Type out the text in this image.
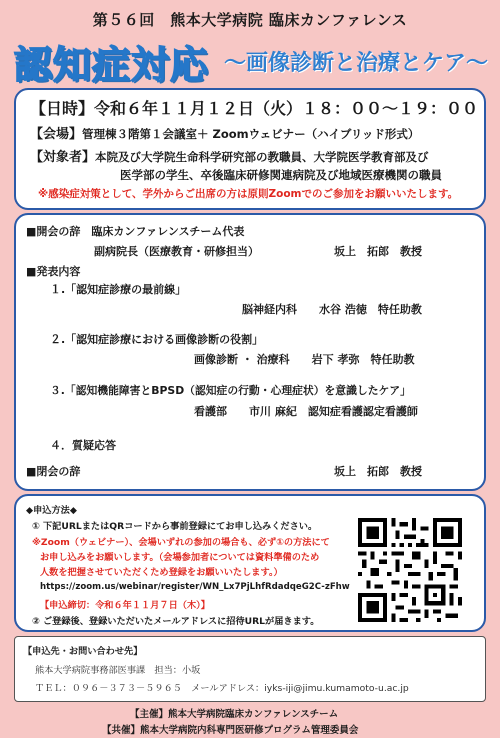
第５６回　熊本大学病院 臨床カンファレンス
認知症対応 ～画像診断と治療とケア～
【日時】令和６年１１月１２日（火）１８：００～１９：００
【会場】管理棟３階第１会議室＋ Zoomウェビナー（ハイブリッド形式）
【対象者】本院及び大学院生命科学研究部の教職員、大学院医学教育部及び
医学部の学生、卒後臨床研修関連病院及び地域医療機関の職員
※感染症対策として、学外からご出席の方は原則Zoomでのご参加をお願いいたします。
■開会の辞　臨床カンファレンスチーム代表
副病院長（医療教育・研修担当）	坂上　拓郎　教授
■発表内容
１.「認知症診療の最前線」
脳神経内科　　水谷 浩徳　特任助教
２.「認知症診療における画像診断の役割」
画像診断 ・ 治療科　　岩下 孝弥　特任助教
３.「認知機能障害とBPSD（認知症の行動・心理症状）を意識したケア」
看護部　　市川 麻紀　認知症看護認定看護師
４．質疑応答
■閉会の辞	坂上　拓郎　教授
◆申込方法◆
① 下記URLまたはQRコードから事前登録にてお申し込みください。
※Zoom（ウェビナー）、会場いずれの参加の場合も、必ず①の方法にて
お申し込みをお願いします。（会場参加者については資料準備のため
人数を把握させていただくため登録をお願いいたします。）
https://zoom.us/webinar/register/WN_Lx7PjLhfRdadqeG2C-zFhw
【申込締切：令和６年１１月７日（木）】
② ご登録後、登録いただいたメールアドレスに招待URLが届きます。
【申込先・お問い合わせ先】
熊本大学病院事務部医事課　担当：小坂
ＴＥＬ：０９６－３７３－５９６５　メールアドレス：iyks-iji@jimu.kumamoto-u.ac.jp
【主催】熊本大学病院臨床カンファレンスチーム
【共催】熊本大学病院内科専門医研修プログラム管理委員会
